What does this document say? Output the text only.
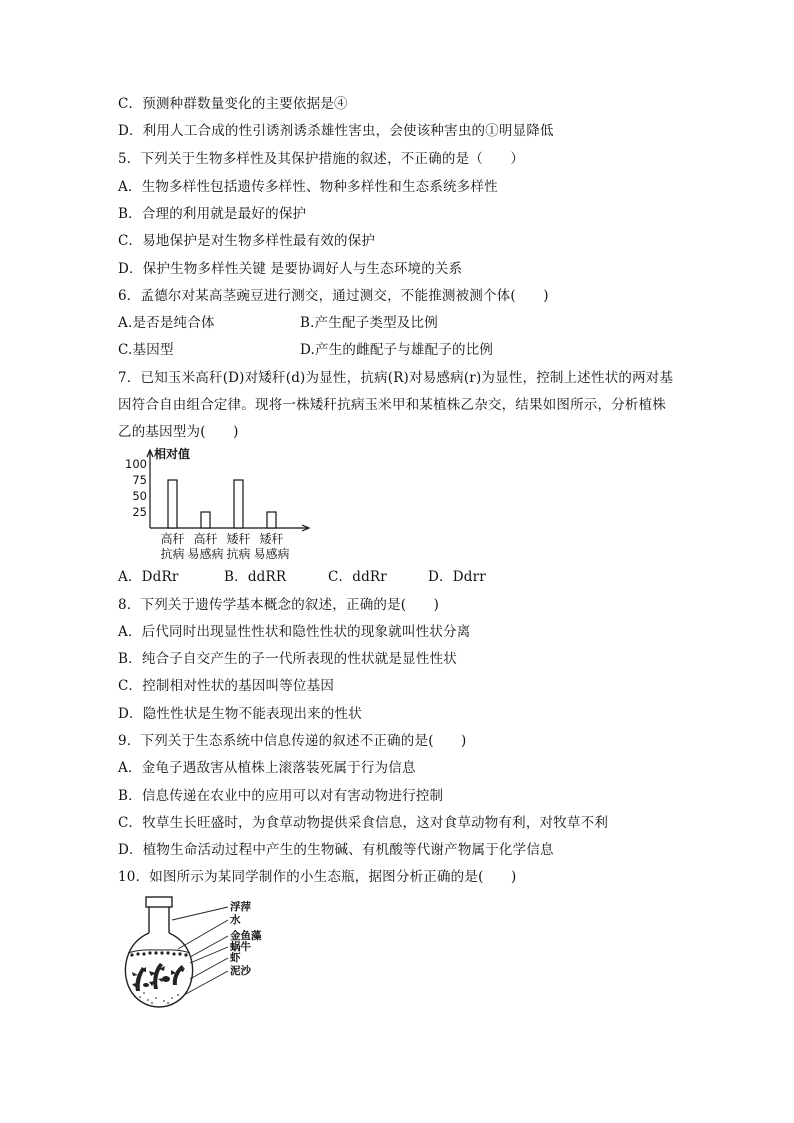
C．预测种群数量变化的主要依据是④
D．利用人工合成的性引诱剂诱杀雄性害虫，会使该种害虫的①明显降低
5．下列关于生物多样性及其保护措施的叙述，不正确的是（　　）
A．生物多样性包括遗传多样性、物种多样性和生态系统多样性
B．合理的利用就是最好的保护
C．易地保护是对生物多样性最有效的保护
D．保护生物多样性关键 是要协调好人与生态环境的关系
6．孟德尔对某高茎豌豆进行测交，通过测交，不能推测被测个体(　　)
A.是否是纯合体	B.产生配子类型及比例
C.基因型	D.产生的雌配子与雄配子的比例
7．已知玉米高秆(D)对矮秆(d)为显性，抗病(R)对易感病(r)为显性，控制上述性状的两对基
因符合自由组合定律。现将一株矮秆抗病玉米甲和某植株乙杂交，结果如图所示，分析植株
乙的基因型为(　　)
相对值
100
75
50
25
高秆
抗病
高秆
易感病
矮秆
抗病
矮秆
易感病
A．DdRr	B．ddRR	C．ddRr	D．Ddrr
8．下列关于遗传学基本概念的叙述，正确的是(　　)
A．后代同时出现显性性状和隐性性状的现象就叫性状分离
B．纯合子自交产生的子一代所表现的性状就是显性性状
C．控制相对性状的基因叫等位基因
D．隐性性状是生物不能表现出来的性状
9．下列关于生态系统中信息传递的叙述不正确的是(　　)
A．金龟子遇敌害从植株上滚落装死属于行为信息
B．信息传递在农业中的应用可以对有害动物进行控制
C．牧草生长旺盛时，为食草动物提供采食信息，这对食草动物有利，对牧草不利
D．植物生命活动过程中产生的生物碱、有机酸等代谢产物属于化学信息
10．如图所示为某同学制作的小生态瓶，据图分析正确的是(　　)
浮萍
水
金鱼藻
蜗牛
虾
泥沙
